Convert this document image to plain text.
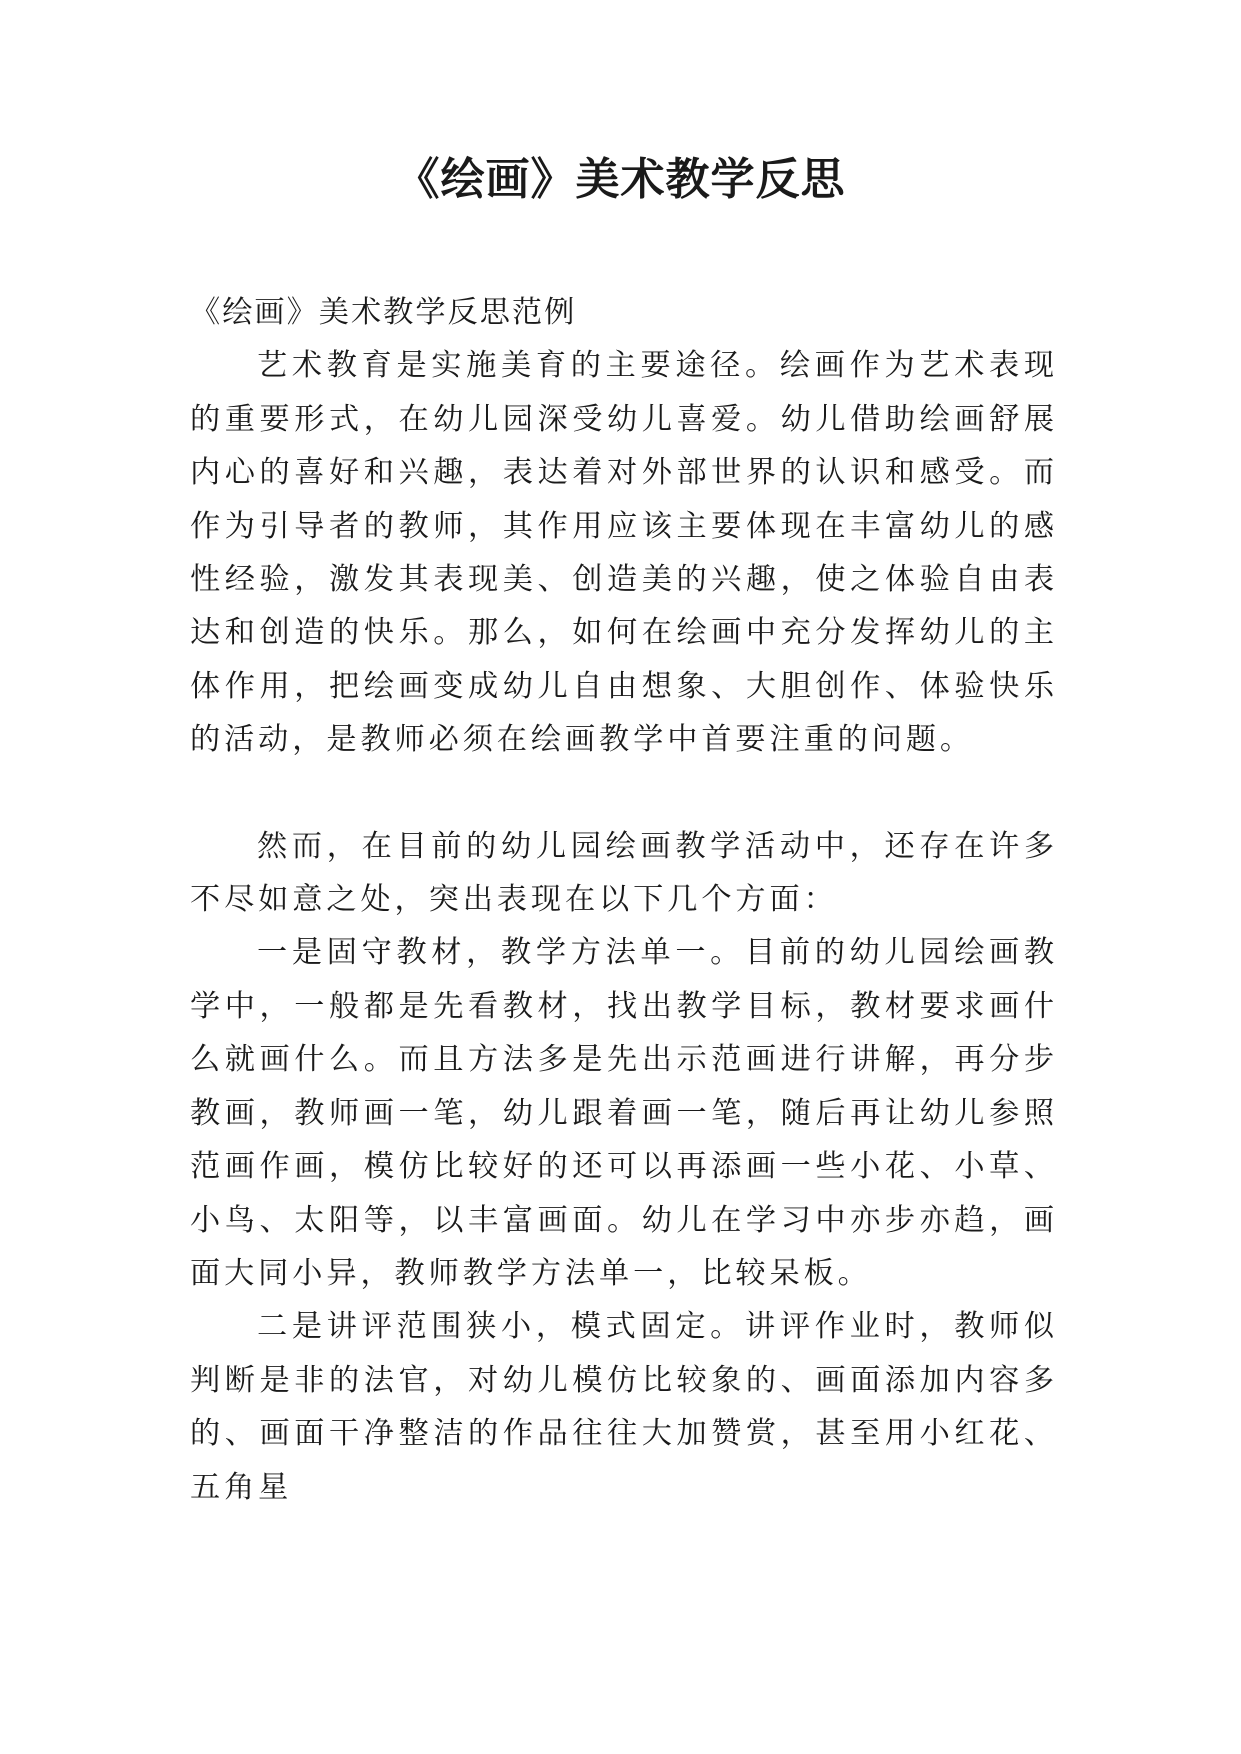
《绘画》美术教学反思

《绘画》美术教学反思范例

艺术教育是实施美育的主要途径。绘画作为艺术表现的重要形式，在幼儿园深受幼儿喜爱。幼儿借助绘画舒展内心的喜好和兴趣，表达着对外部世界的认识和感受。而作为引导者的教师，其作用应该主要体现在丰富幼儿的感性经验，激发其表现美、创造美的兴趣，使之体验自由表达和创造的快乐。那么，如何在绘画中充分发挥幼儿的主体作用，把绘画变成幼儿自由想象、大胆创作、体验快乐的活动，是教师必须在绘画教学中首要注重的问题。

然而，在目前的幼儿园绘画教学活动中，还存在许多不尽如意之处，突出表现在以下几个方面：

一是固守教材，教学方法单一。目前的幼儿园绘画教学中，一般都是先看教材，找出教学目标，教材要求画什么就画什么。而且方法多是先出示范画进行讲解，再分步教画，教师画一笔，幼儿跟着画一笔，随后再让幼儿参照范画作画，模仿比较好的还可以再添画一些小花、小草、小鸟、太阳等，以丰富画面。幼儿在学习中亦步亦趋，画面大同小异，教师教学方法单一，比较呆板。

二是讲评范围狭小，模式固定。讲评作业时，教师似判断是非的法官，对幼儿模仿比较象的、画面添加内容多的、画面干净整洁的作品往往大加赞赏，甚至用小红花、五角星
